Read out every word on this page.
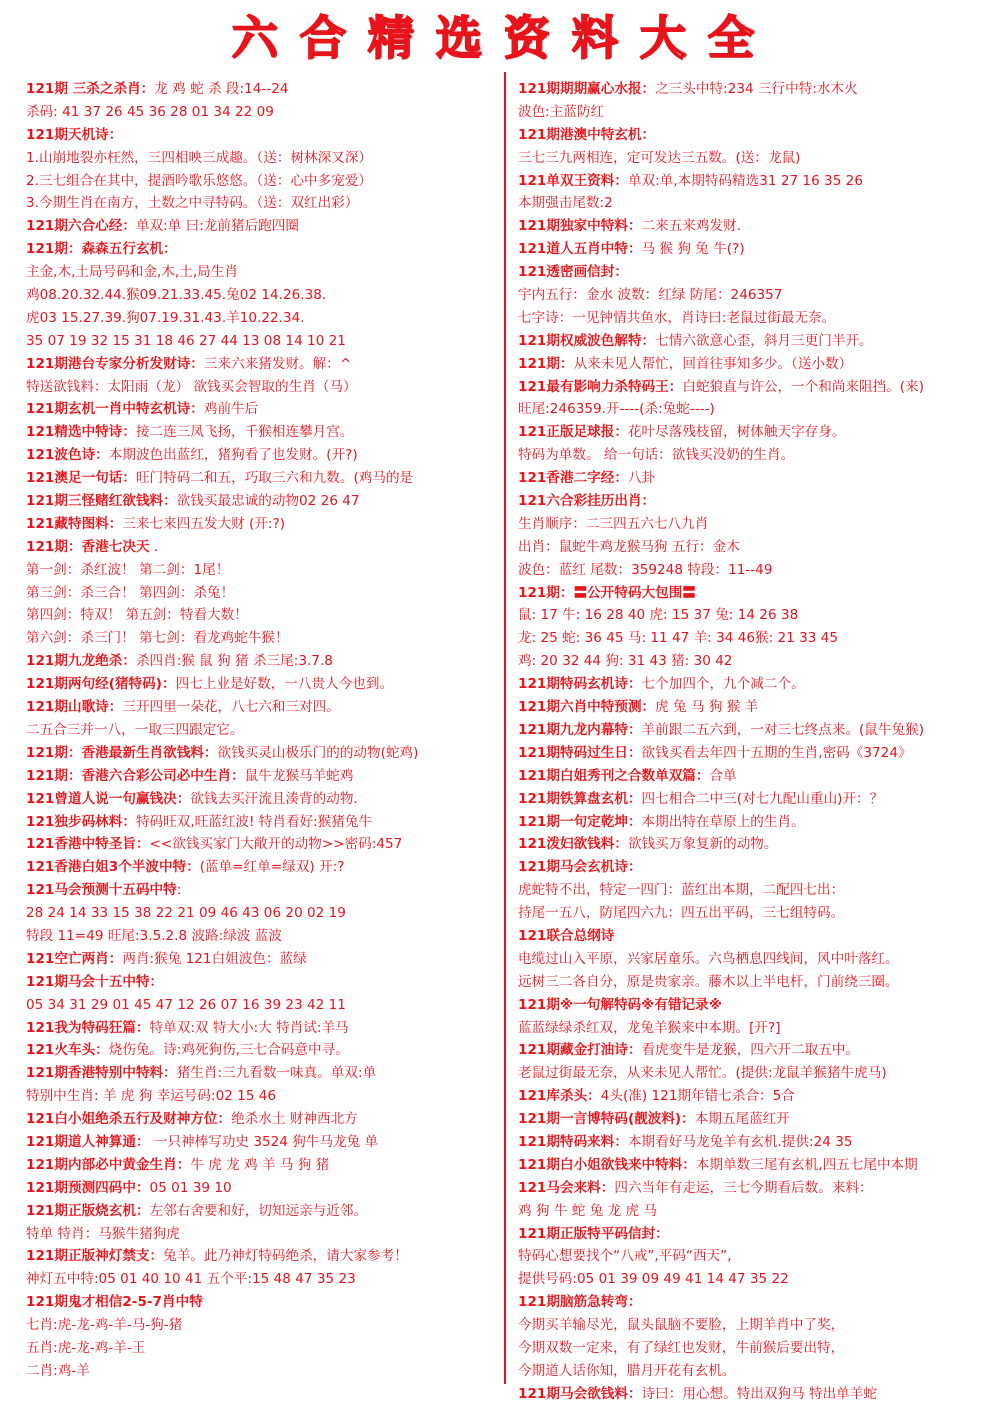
六合精选资料大全
121期 三杀之杀肖：龙 鸡 蛇 杀 段:14--24
杀码: 41 37 26 45 36 28 01 34 22 09
121期天机诗：
1.山崩地裂亦枉然，三四相映三成趣。（送：树林深又深）
2.三七组合在其中，提酒吟歌乐悠悠。（送：心中多宠爱）
3.今期生肖在南方，土数之中寻特码。（送：双红出彩）
121期六合心经：单双:单 曰:龙前猪后跑四圈
121期：森森五行玄机：
主金,木,土局号码和金,木,土,局生肖
鸡08.20.32.44.猴09.21.33.45.兔02 14.26.38.
虎03 15.27.39.狗07.19.31.43.羊10.22.34.
35 07 19 32 15 31 18 46 27 44 13 08 14 10 21
121期港台专家分析发财诗：三来六来猪发财。解：^
特送欲钱料：太阳雨（龙） 欲钱买会智取的生肖（马）
121期玄机一肖中特玄机诗：鸡前牛后
121精选中特诗：接二连三凤飞扬，千猴相连攀月宫。
121波色诗：本期波色出蓝红，猪狗看了也发财。(开?)
121澳足一句话：旺门特码二和五，巧取三六和九数。(鸡马的是
121期三怪赌红欲钱料：欲钱买最忠诚的动物02 26 47
121藏特图料：三来七来四五发大财 (开:?)
121期：香港七决天 .
第一剑：杀红波！ 第二剑：1尾！
第三剑：杀三合！ 第四剑：杀兔！
第四剑：特双！ 第五剑：特看大数！
第六剑：杀三门！ 第七剑：看龙鸡蛇牛猴！
121期九龙绝杀：杀四肖:猴 鼠 狗 猪 杀三尾:3.7.8
121期两句经(猪特码)：四七上业是好数，一八贵人今也到。
121期山歌诗：三开四里一朵花，八七六和三对四。
二五合三并一八，一取三四跟定它。
121期：香港最新生肖欲钱料：欲钱买灵山极乐门的的动物(蛇鸡)
121期：香港六合彩公司必中生肖：鼠牛龙猴马羊蛇鸡
121曾道人说一句赢钱决：欲钱去买汗流且湊背的动物.
121独步码林料：特码旺双,旺蓝红波! 特肖看好:猴猪兔牛
121香港中特圣旨：<<欲钱买家门大敞开的动物>>密码:457
121香港白姐3个半波中特：(蓝单=红单=绿双) 开:?
121马会预测十五码中特:
28 24 14 33 15 38 22 21 09 46 43 06 20 02 19
特段 11=49 旺尾:3.5.2.8 波路:绿波 蓝波
121空亡两肖：两肖:猴兔 121白姐波色：蓝绿
121期马会十五中特：
05 34 31 29 01 45 47 12 26 07 16 39 23 42 11
121我为特码狂篇：特单双:双 特大小:大 特肖试:羊马
121火车头：烧伤兔。诗:鸡死狗伤,三七合码意中寻。
121期香港特别中特料：猪生肖:三九看数一味真。单双:单
特别中生肖: 羊 虎 狗 幸运号码:02 15 46
121白小姐绝杀五行及财神方位：绝杀水土 财神西北方
121期道人神算通： 一只神棒写功史 3524 狗牛马龙兔 单
121期内部必中黄金生肖：牛 虎 龙 鸡 羊 马 狗 猪
121期预测四码中：05 01 39 10
121期正版烧玄机：左邻右舍要和好，切知远亲与近邻。
特单 特肖：马猴牛猪狗虎
121期正版神灯禁支：兔羊。此乃神灯特码绝杀，请大家参考！
神灯五中特:05 01 40 10 41 五个平:15 48 47 35 23
121期鬼才相信2-5-7肖中特
七肖:虎-龙-鸡-羊-马-狗-猪
五肖:虎-龙-鸡-羊-王
二肖:鸡-羊
121期期期赢心水报：之三头中特:234 三行中特:水木火
波色:主蓝防红
121期港澳中特玄机：
三七三九两相连，定可发达三五数。(送：龙鼠)
121单双王资料：单双:单,本期特码精选31 27 16 35 26
本期强击尾数:2
121期独家中特料：二来五来鸡发财.
121道人五肖中特：马 猴 狗 兔 牛(?)
121透密画信封：
宇内五行：金水 波数：红绿 防尾：246357
七字诗：一见钟情共鱼水，肖诗曰:老鼠过街最无奈。
121期权威波色解特：七情六欲意心歪，斜月三更门半开。
121期：从来未见人帮忙，回首往事知多少。（送小数）
121最有影响力杀特码王：白蛇狼直与许公，一个和尚来阻挡。(来)
旺尾:246359.开----(杀:兔蛇----)
121正版足球报：花叶尽落残枝留，树体触天字存身。
特码为单数。 给一句话：欲钱买没奶的生肖。
121香港二字经：八卦
121六合彩挂历出肖：
生肖顺序：二三四五六七八九肖
出肖：鼠蛇牛鸡龙猴马狗 五行：金木
波色：蓝红 尾数：359248 特段：11--49
121期：〓公开特码大包围〓
鼠: 17 牛: 16 28 40 虎: 15 37 兔: 14 26 38
龙: 25 蛇: 36 45 马: 11 47 羊: 34 46猴: 21 33 45
鸡: 20 32 44 狗: 31 43 猪: 30 42
121期特码玄机诗：七个加四个，九个减二个。
121期六肖中特预测：虎 兔 马 狗 猴 羊
121期九龙内幕特：羊前跟二五六到，一对三七终点来。(鼠牛兔猴)
121期特码过生日：欲钱买看去年四十五期的生肖,密码《3724》
121期白姐秀刊之合数单双篇：合单
121期铁算盘玄机：四七相合二中三(对七九配山重山)开：？
121期一句定乾坤：本期出特在草原上的生肖。
121泼妇欲钱料：欲钱买万象复新的动物。
121期马会玄机诗：
虎蛇特不出，特定一四门：蓝红出本期，二配四七出：
持尾一五八，防尾四六九：四五出平码，三七组特码。
121联合总纲诗
电缆过山入平原，兴家居童乐。六鸟栖息四线间，风中叶落红。
远树三二各自分，原是贵家亲。藤木以上半电杆，门前绕三圈。
121期※一句解特码※有错记录※
蓝蓝绿绿杀红双，龙兔羊猴来中本期。[开?]
121期藏金打油诗：看虎变牛是龙猴，四六开二取五中。
老鼠过街最无奈，从来未见人帮忙。(提供:龙鼠羊猴猪牛虎马)
121库杀头：4头(准) 121期年错七杀合：5合
121期一言博特码(靓波料)：本期五尾蓝红开
121期特码来料：本期看好马龙兔羊有玄机.提供:24 35
121期白小姐欲钱来中特料：本期单数三尾有玄机,四五七尾中本期
121马会来料：四六当年有走运，三七今期看后数。来料：
鸡 狗 牛 蛇 兔 龙 虎 马
121期正版特平码信封：
特码心想要找个“八戒”,平码“西天”,
提供号码:05 01 39 09 49 41 14 47 35 22
121期脑筋急转弯：
今期买羊输尽光，鼠头鼠脑不要脸，上期羊肖中了奖，
今期双数一定来，有了绿红也发财，牛前猴后要出特，
今期道人话你知，腊月开花有玄机。
121期马会欲钱料：诗曰：用心想。特出双狗马 特出单羊蛇
